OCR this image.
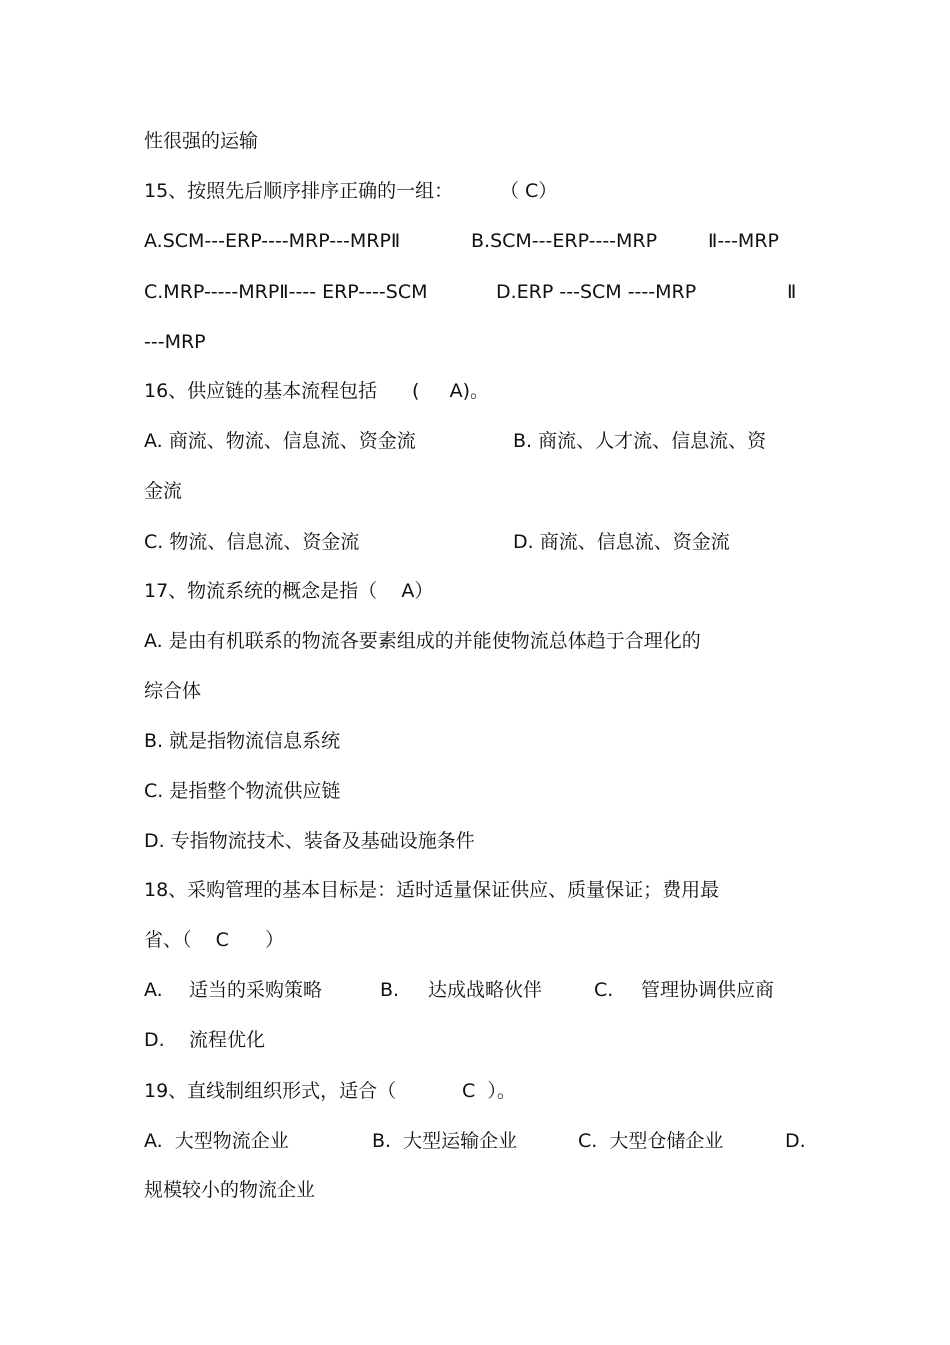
性很强的运输

15、按照先后顺序排序正确的一组：

（ C）

A.SCM---ERP----MRP---MRPⅡ

	B.SCM---ERP----MRP

	Ⅱ---MRP

C.MRP-----MRPⅡ---- ERP----SCM

	D.ERP ---SCM ----MRP

	Ⅱ

---MRP

16、供应链的基本流程包括

(     A)。

A. 商流、物流、信息流、资金流

	B. 商流、人才流、信息流、资

金流

C. 物流、信息流、资金流

	D. 商流、信息流、资金流

17、物流系统的概念是指（    A）

A. 是由有机联系的物流各要素组成的并能使物流总体趋于合理化的

综合体

B. 就是指物流信息系统

C. 是指整个物流供应链

D. 专指物流技术、装备及基础设施条件

18、采购管理的基本目标是：适时适量保证供应、质量保证；费用最

省、（    C      ）

A.

适当的采购策略

	B.

达成战略伙伴

	C.

管理协调供应商

D.

流程优化

19、直线制组织形式，适合（

	C  ）。

A.  大型物流企业

	B.  大型运输企业

	C.  大型仓储企业

	D.

规模较小的物流企业
